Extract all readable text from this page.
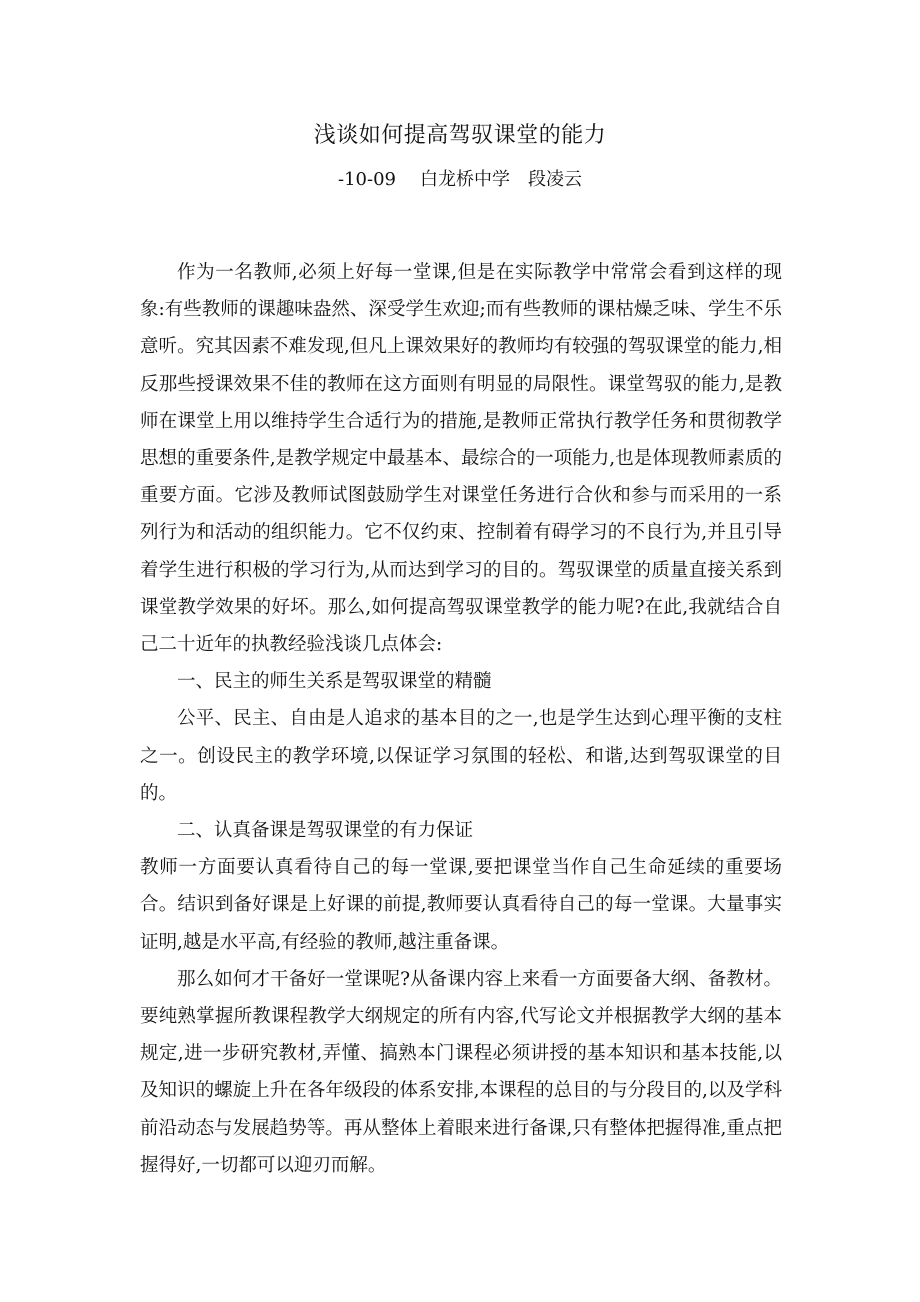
浅谈如何提高驾驭课堂的能力
-10-09 白龙桥中学 段凌云

作为一名教师,必须上好每一堂课,但是在实际教学中常常会看到这样的现象:有些教师的课趣味盎然、深受学生欢迎;而有些教师的课枯燥乏味、学生不乐意听。究其因素不难发现,但凡上课效果好的教师均有较强的驾驭课堂的能力,相反那些授课效果不佳的教师在这方面则有明显的局限性。课堂驾驭的能力,是教师在课堂上用以维持学生合适行为的措施,是教师正常执行教学任务和贯彻教学思想的重要条件,是教学规定中最基本、最综合的一项能力,也是体现教师素质的重要方面。它涉及教师试图鼓励学生对课堂任务进行合伙和参与而采用的一系列行为和活动的组织能力。它不仅约束、控制着有碍学习的不良行为,并且引导着学生进行积极的学习行为,从而达到学习的目的。驾驭课堂的质量直接关系到课堂教学效果的好坏。那么,如何提高驾驭课堂教学的能力呢?在此,我就结合自己二十近年的执教经验浅谈几点体会:

一、民主的师生关系是驾驭课堂的精髓

公平、民主、自由是人追求的基本目的之一,也是学生达到心理平衡的支柱之一。创设民主的教学环境,以保证学习氛围的轻松、和谐,达到驾驭课堂的目的。

二、认真备课是驾驭课堂的有力保证

教师一方面要认真看待自己的每一堂课,要把课堂当作自己生命延续的重要场合。结识到备好课是上好课的前提,教师要认真看待自己的每一堂课。大量事实证明,越是水平高,有经验的教师,越注重备课。

那么如何才干备好一堂课呢?从备课内容上来看一方面要备大纲、备教材。要纯熟掌握所教课程教学大纲规定的所有内容,代写论文并根据教学大纲的基本规定,进一步研究教材,弄懂、搞熟本门课程必须讲授的基本知识和基本技能,以及知识的螺旋上升在各年级段的体系安排,本课程的总目的与分段目的,以及学科前沿动态与发展趋势等。再从整体上着眼来进行备课,只有整体把握得准,重点把握得好,一切都可以迎刃而解。
